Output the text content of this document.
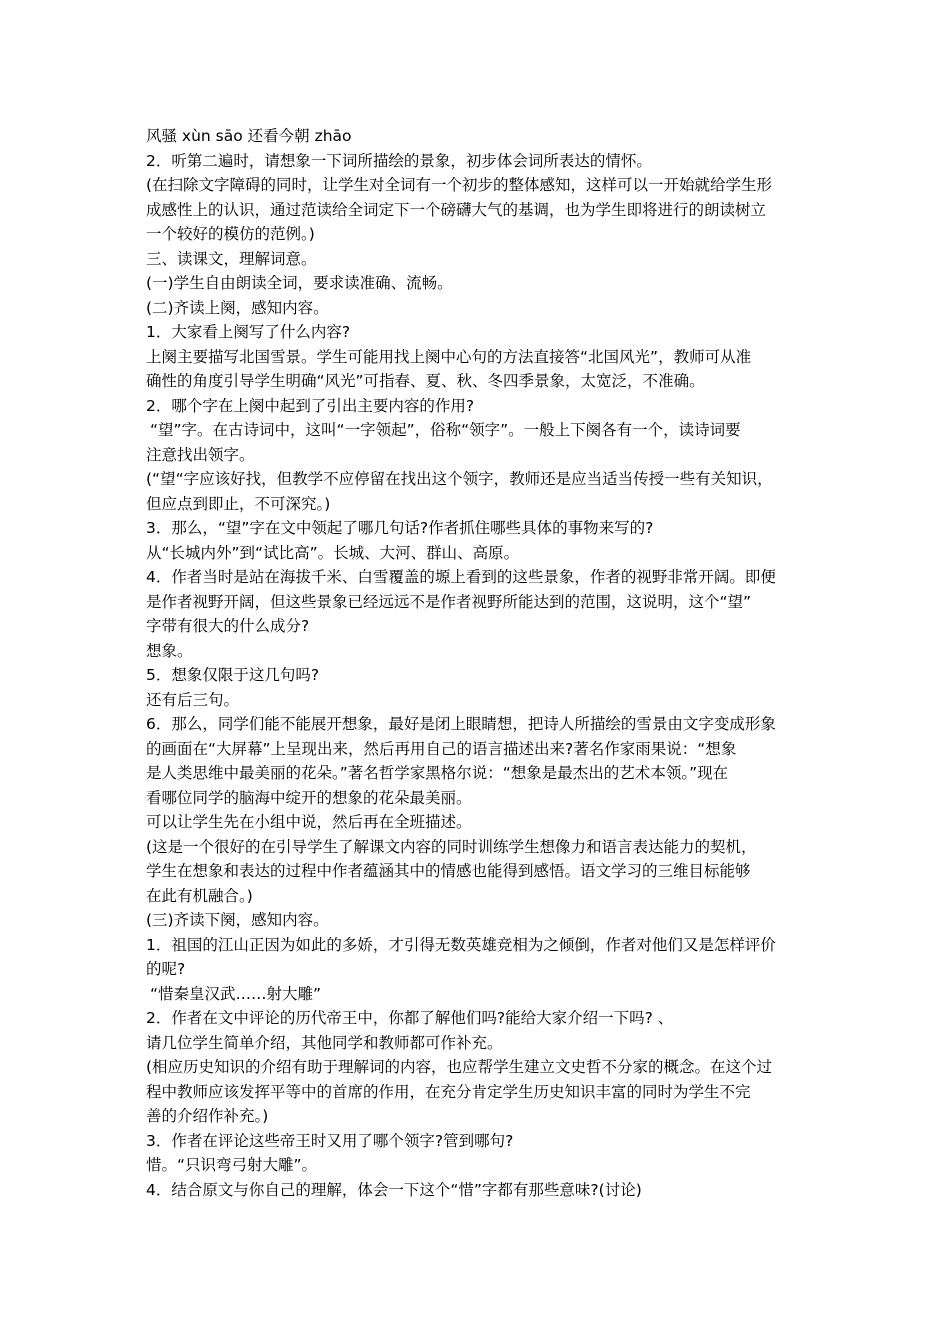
风骚 xùn sāo 还看今朝 zhāo
2．听第二遍时，请想象一下词所描绘的景象，初步体会词所表达的情怀。
(在扫除文字障碍的同时，让学生对全词有一个初步的整体感知，这样可以一开始就给学生形
成感性上的认识，通过范读给全词定下一个磅礴大气的基调，也为学生即将进行的朗读树立
一个较好的模仿的范例。)
三、读课文，理解词意。
(一)学生自由朗读全词，要求读准确、流畅。
(二)齐读上阕，感知内容。
1．大家看上阕写了什么内容?
上阕主要描写北国雪景。学生可能用找上阕中心句的方法直接答“北国风光”，教师可从准
确性的角度引导学生明确“风光”可指春、夏、秋、冬四季景象，太宽泛，不准确。
2．哪个字在上阕中起到了引出主要内容的作用?
“望”字。在古诗词中，这叫“一字领起”，俗称“领字”。一般上下阕各有一个，读诗词要
注意找出领字。
(“望“字应该好找，但教学不应停留在找出这个领字，教师还是应当适当传授一些有关知识，
但应点到即止，不可深究。)
3．那么，“望”字在文中领起了哪几句话?作者抓住哪些具体的事物来写的?
从“长城内外”到“试比高”。长城、大河、群山、高原。
4．作者当时是站在海拔千米、白雪覆盖的塬上看到的这些景象，作者的视野非常开阔。即便
是作者视野开阔，但这些景象已经远远不是作者视野所能达到的范围，这说明，这个“望”
字带有很大的什么成分?
想象。
5．想象仅限于这几句吗?
还有后三句。
6．那么，同学们能不能展开想象，最好是闭上眼睛想，把诗人所描绘的雪景由文字变成形象
的画面在“大屏幕”上呈现出来，然后再用自己的语言描述出来?著名作家雨果说：“想象
是人类思维中最美丽的花朵。”著名哲学家黑格尔说：“想象是最杰出的艺术本领。”现在
看哪位同学的脑海中绽开的想象的花朵最美丽。
可以让学生先在小组中说，然后再在全班描述。
(这是一个很好的在引导学生了解课文内容的同时训练学生想像力和语言表达能力的契机，
学生在想象和表达的过程中作者蕴涵其中的情感也能得到感悟。语文学习的三维目标能够
在此有机融合。)
(三)齐读下阕，感知内容。
1．祖国的江山正因为如此的多娇，才引得无数英雄竞相为之倾倒，作者对他们又是怎样评价
的呢?
“惜秦皇汉武……射大雕”
2．作者在文中评论的历代帝王中，你都了解他们吗?能给大家介绍一下吗? 、
请几位学生简单介绍，其他同学和教师都可作补充。
(相应历史知识的介绍有助于理解词的内容，也应帮学生建立文史哲不分家的概念。在这个过
程中教师应该发挥平等中的首席的作用，在充分肯定学生历史知识丰富的同时为学生不完
善的介绍作补充。)
3．作者在评论这些帝王时又用了哪个领字?管到哪句?
惜。“只识弯弓射大雕”。
4．结合原文与你自己的理解，体会一下这个“惜”字都有那些意味?(讨论)
